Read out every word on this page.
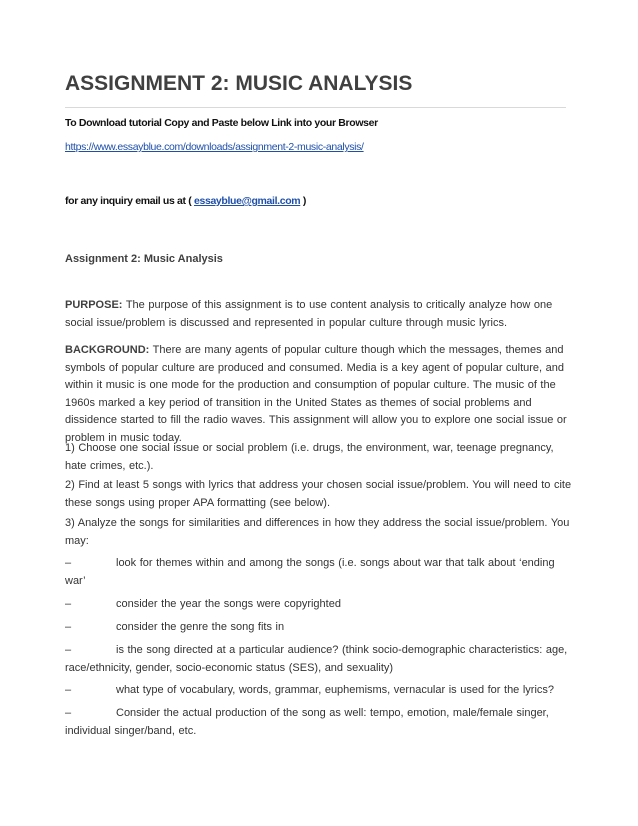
ASSIGNMENT 2: MUSIC ANALYSIS
To Download tutorial Copy and Paste below Link into your Browser
https://www.essayblue.com/downloads/assignment-2-music-analysis/
for any inquiry email us at ( essayblue@gmail.com )
Assignment 2: Music Analysis
PURPOSE: The purpose of this assignment is to use content analysis to critically analyze how one social issue/problem is discussed and represented in popular culture through music lyrics.
BACKGROUND: There are many agents of popular culture though which the messages, themes and symbols of popular culture are produced and consumed. Media is a key agent of popular culture, and within it music is one mode for the production and consumption of popular culture. The music of the 1960s marked a key period of transition in the United States as themes of social problems and dissidence started to fill the radio waves. This assignment will allow you to explore one social issue or problem in music today.
1) Choose one social issue or social problem (i.e. drugs, the environment, war, teenage pregnancy, hate crimes, etc.).
2) Find at least 5 songs with lyrics that address your chosen social issue/problem. You will need to cite these songs using proper APA formatting (see below).
3) Analyze the songs for similarities and differences in how they address the social issue/problem. You may:
–	look for themes within and among the songs (i.e. songs about war that talk about ‘ending
war’
–	consider the year the songs were copyrighted
–	consider the genre the song fits in
–	is the song directed at a particular audience? (think socio-demographic characteristics: age,
race/ethnicity, gender, socio-economic status (SES), and sexuality)
–	what type of vocabulary, words, grammar, euphemisms, vernacular is used for the lyrics?
–	Consider the actual production of the song as well: tempo, emotion, male/female singer,
individual singer/band, etc.
